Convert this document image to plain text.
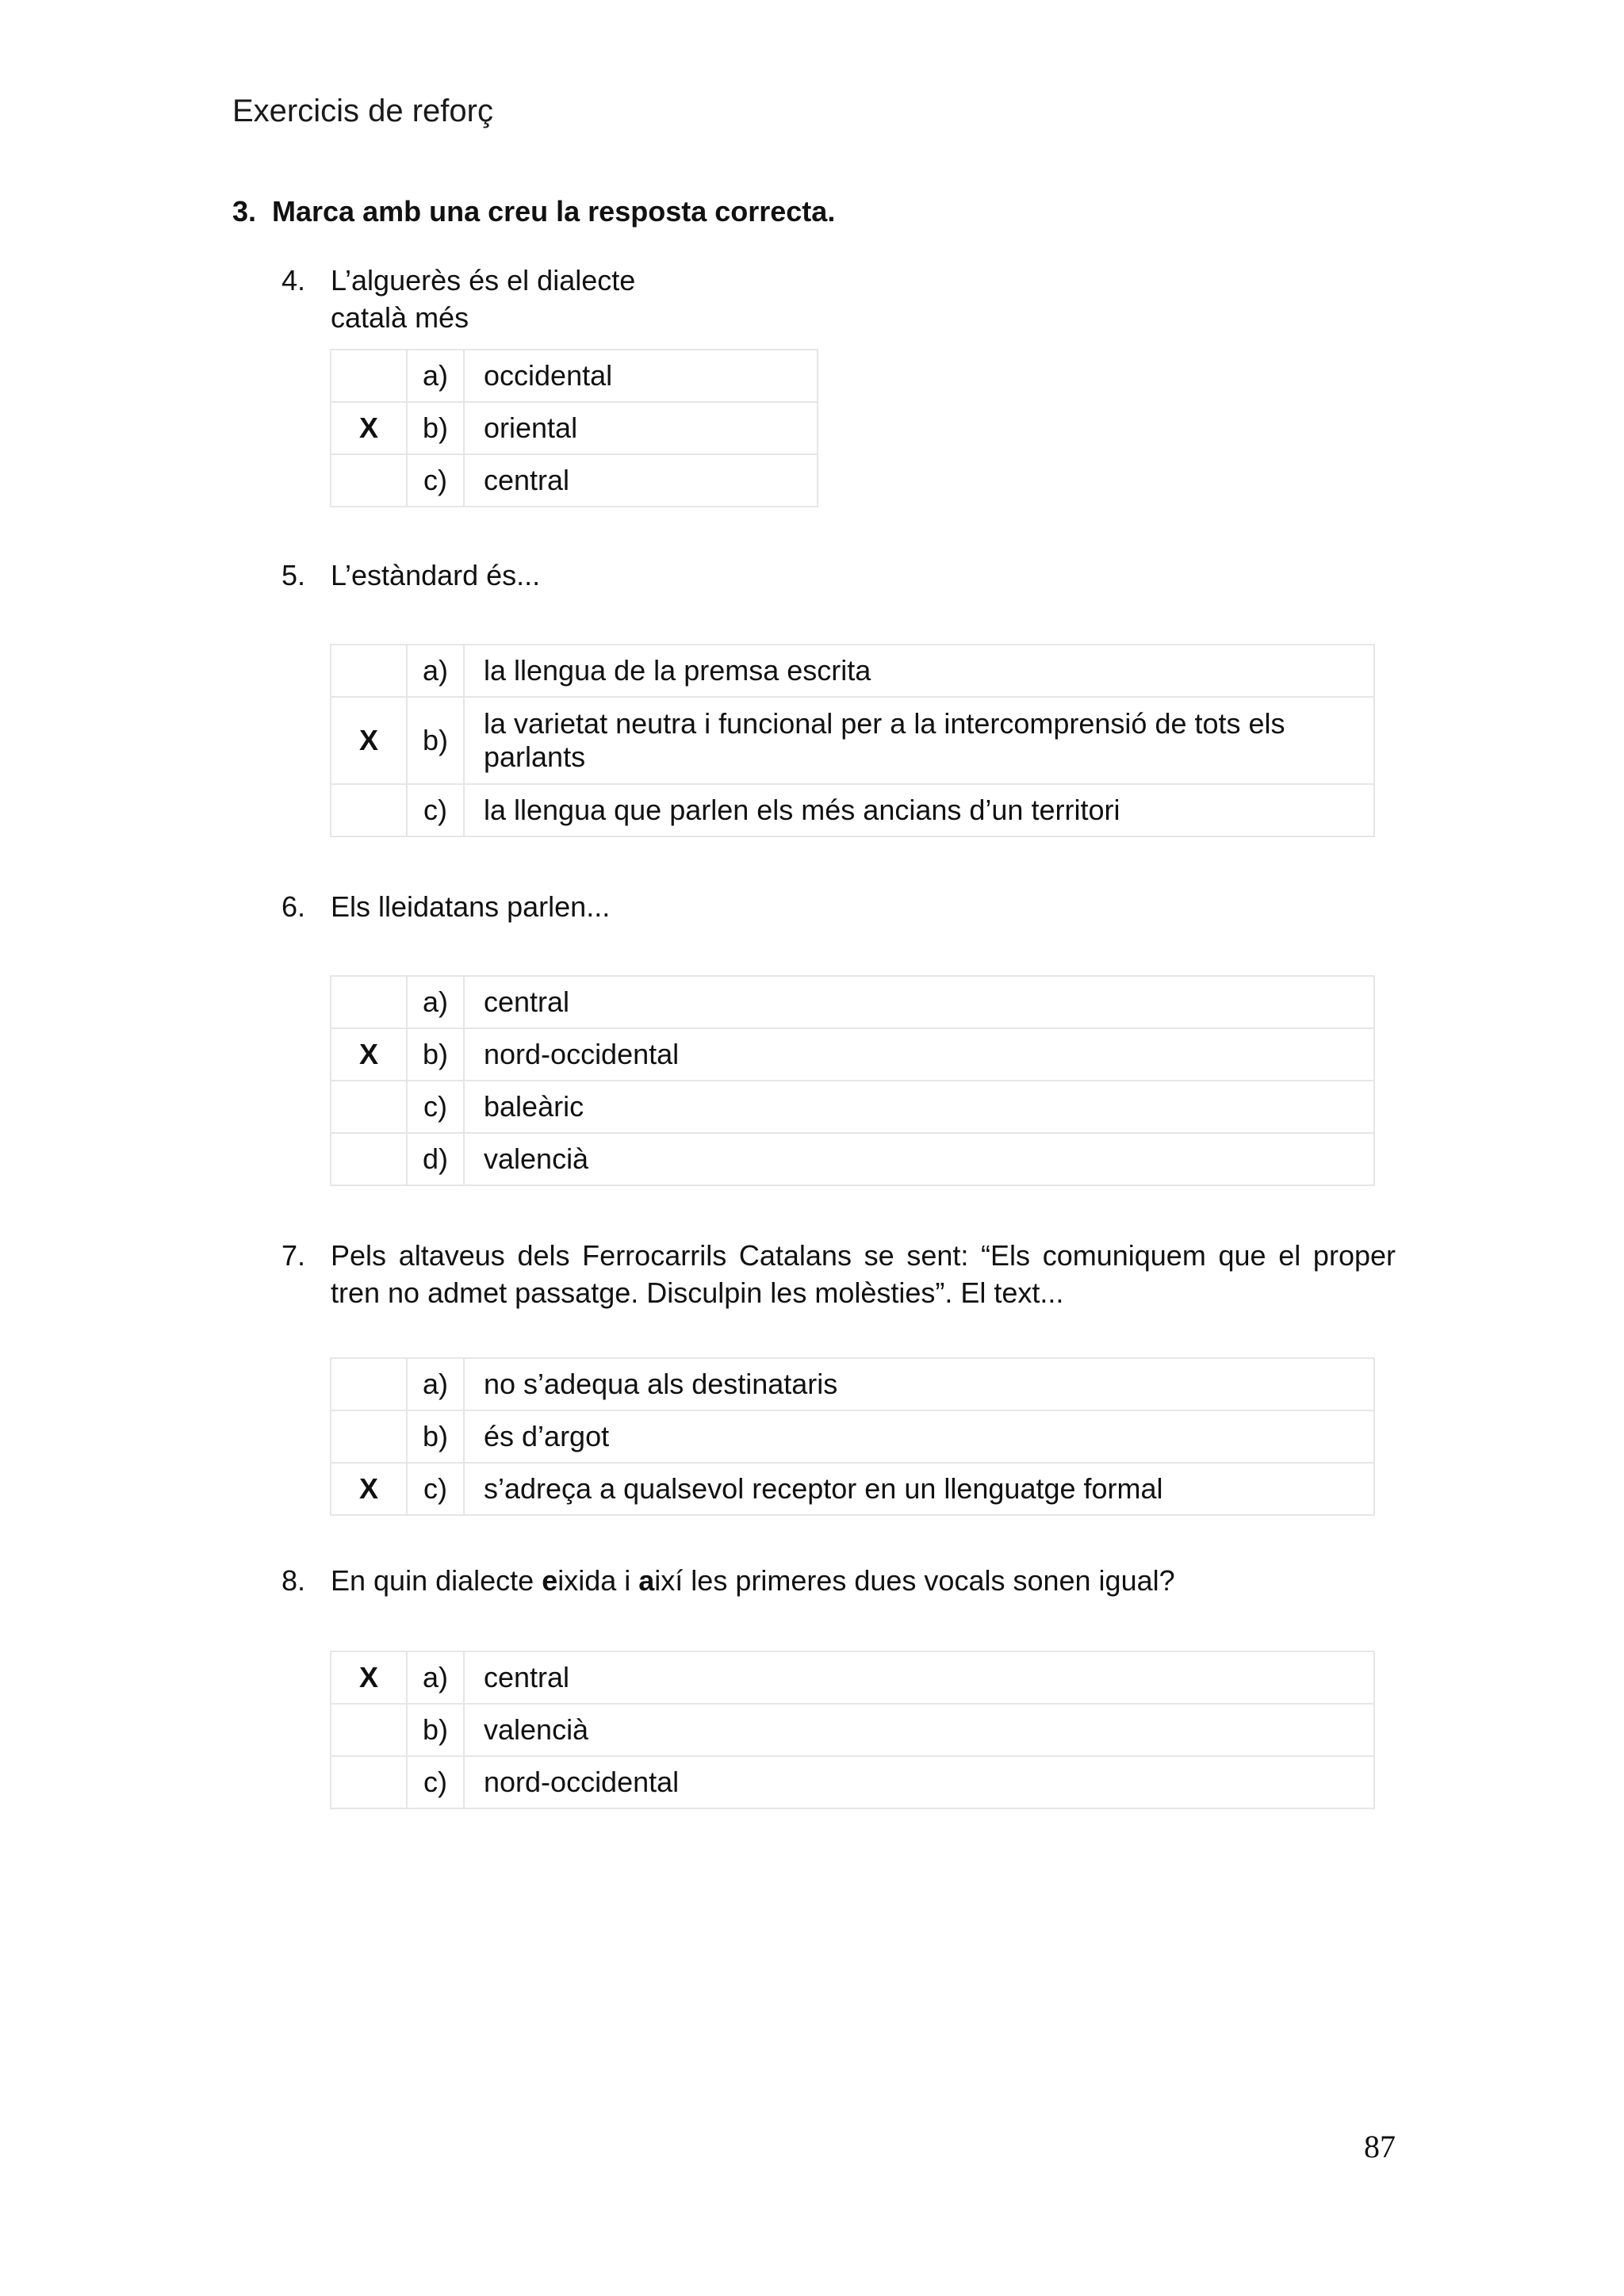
Exercicis de reforç
3. Marca amb una creu la resposta correcta.
4. L’alguerès és el dialecte català més
	a)	occidental
X	b)	oriental
	c)	central
5. L’estàndard és...
	a)	la llengua de la premsa escrita
X	b)	la varietat neutra i funcional per a la intercomprensió de tots els parlants
	c)	la llengua que parlen els més ancians d’un territori
6. Els lleidatans parlen...
	a)	central
X	b)	nord-occidental
	c)	baleàric
	d)	valencià
7. Pels altaveus dels Ferrocarrils Catalans se sent: “Els comuniquem que el proper tren no admet passatge. Disculpin les molèsties”. El text...
	a)	no s’adequa als destinataris
	b)	és d’argot
X	c)	s’adreça a qualsevol receptor en un llenguatge formal
8. En quin dialecte eixida i així les primeres dues vocals sonen igual?
X	a)	central
	b)	valencià
	c)	nord-occidental
87
